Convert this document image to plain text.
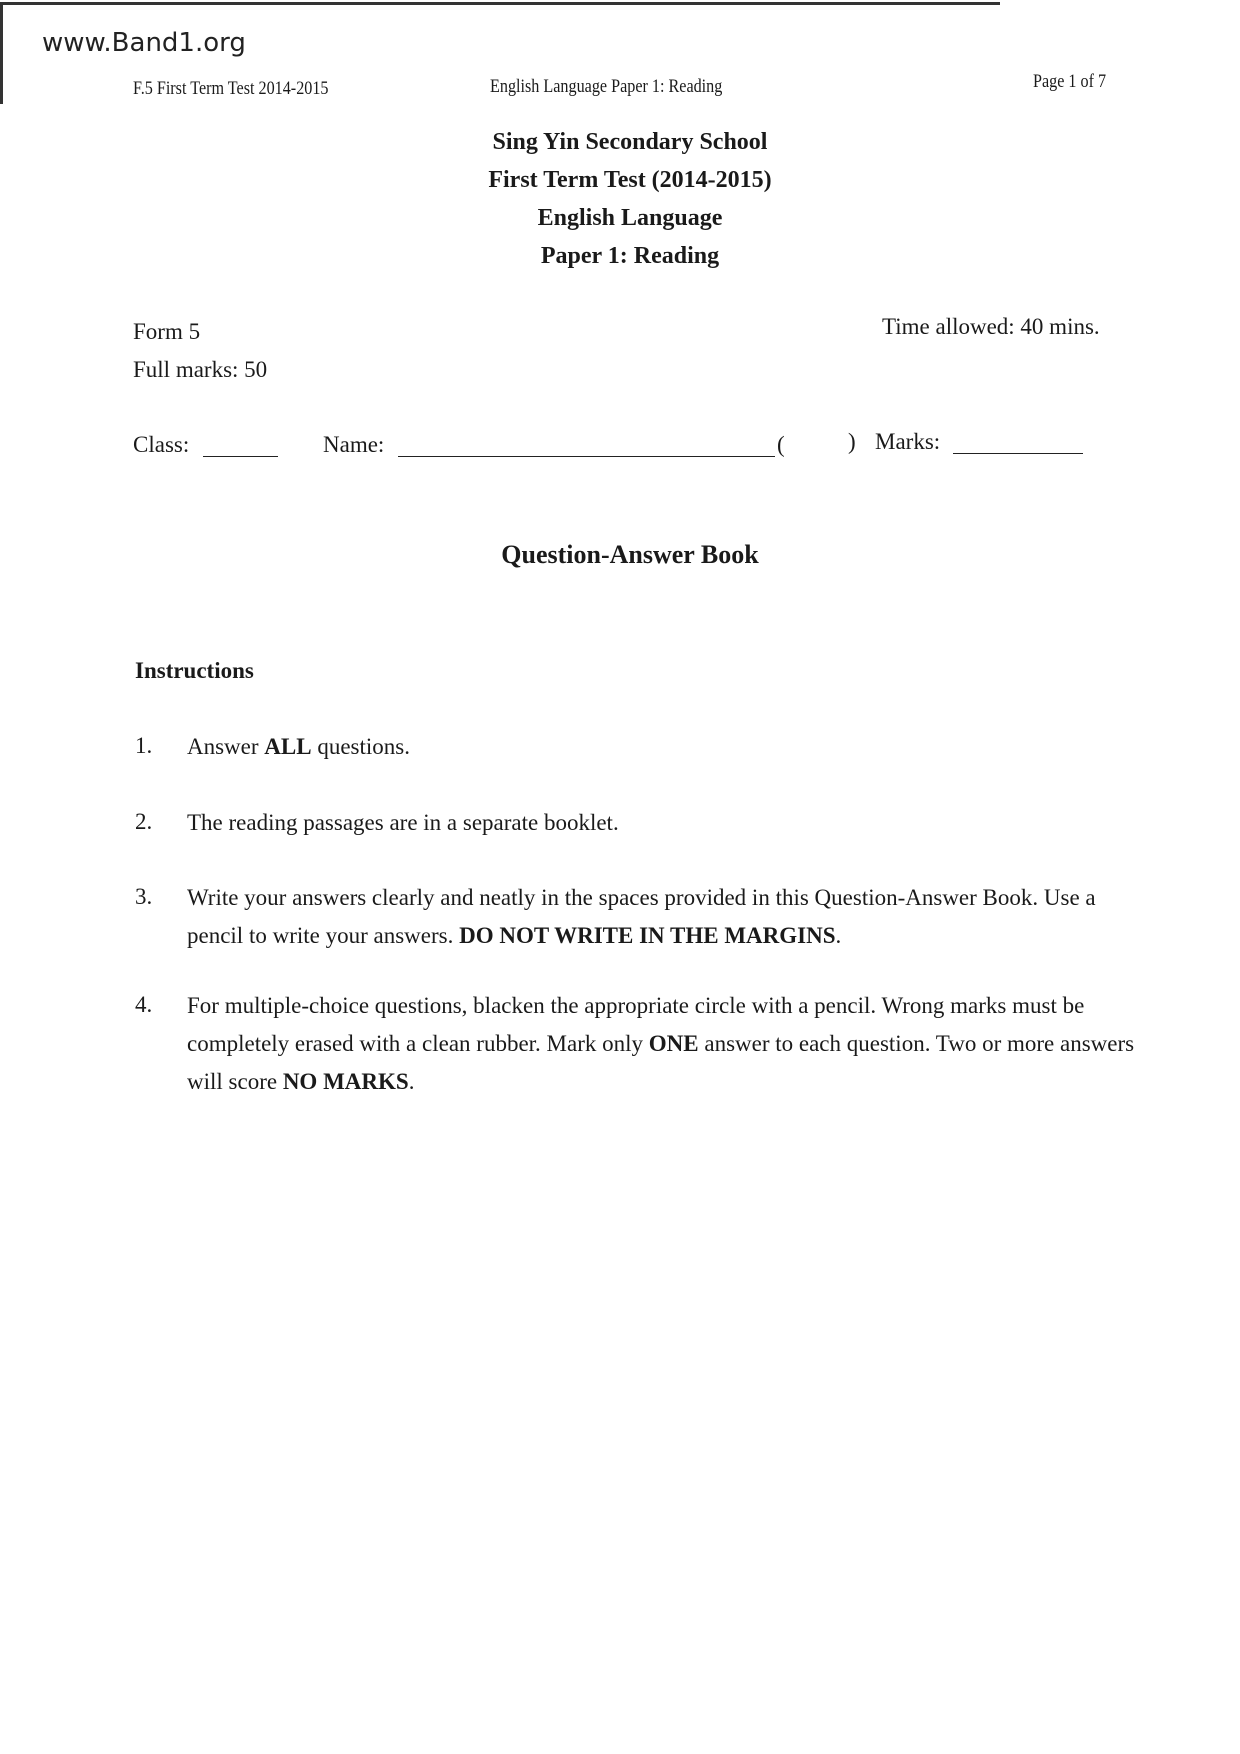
www.Band1.org
F.5 First Term Test 2014-2015	English Language Paper 1: Reading	Page 1 of 7
Sing Yin Secondary School
First Term Test (2014-2015)
English Language
Paper 1: Reading
Form 5
Full marks: 50
Time allowed: 40 mins.
Class:	Name:	(	) Marks:
Question-Answer Book
Instructions
1. Answer ALL questions.
2. The reading passages are in a separate booklet.
3. Write your answers clearly and neatly in the spaces provided in this Question-Answer Book. Use a pencil to write your answers. DO NOT WRITE IN THE MARGINS.
4. For multiple-choice questions, blacken the appropriate circle with a pencil. Wrong marks must be completely erased with a clean rubber. Mark only ONE answer to each question. Two or more answers will score NO MARKS.
